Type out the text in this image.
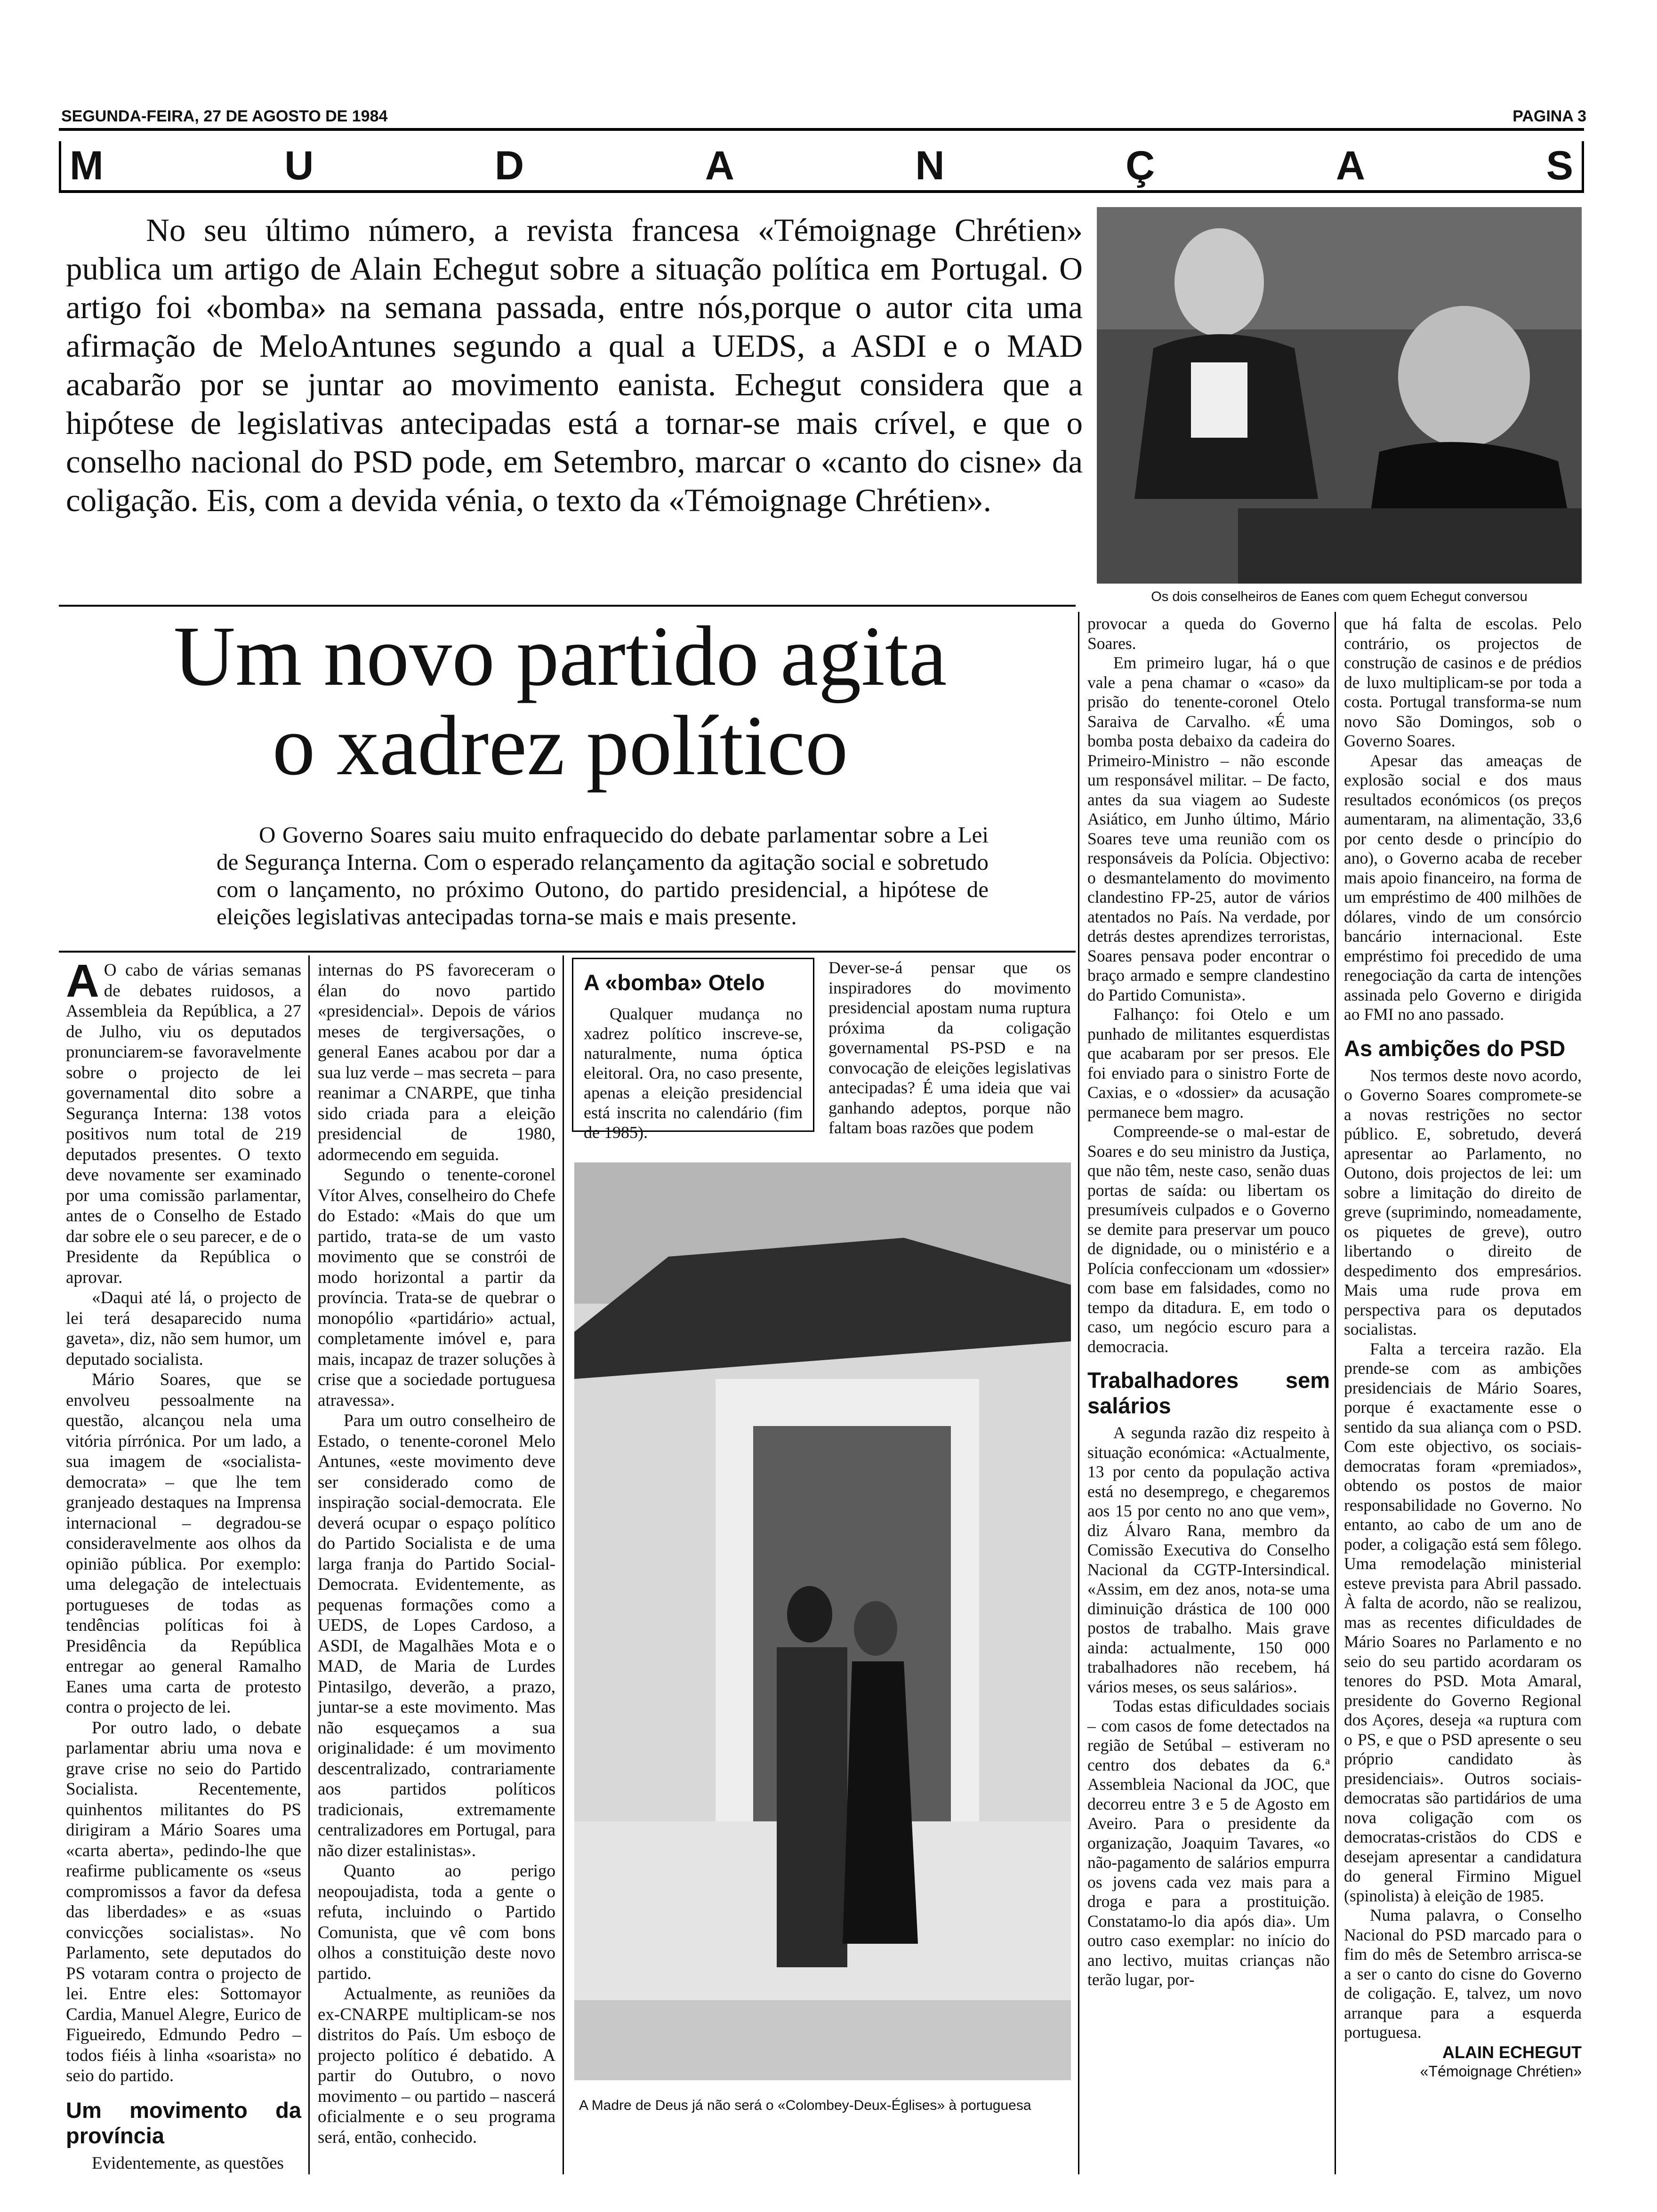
SEGUNDA-FEIRA, 27 DE AGOSTO DE 1984	PAGINA 3
M	U	D	A	N	Ç	A	S
No seu último número, a revista francesa «Témoignage Chrétien» publica um artigo de Alain Echegut sobre a situação política em Portugal. O artigo foi «bomba» na semana passada, entre nós,porque o autor cita uma afirmação de MeloAntunes segundo a qual a UEDS, a ASDI e o MAD acabarão por se juntar ao movimento eanista. Echegut considera que a hipótese de legislativas antecipadas está a tornar-se mais crível, e que o conselho nacional do PSD pode, em Setembro, marcar o «canto do cisne» da coligação. Eis, com a devida vénia, o texto da «Témoignage Chrétien».
Os dois conselheiros de Eanes com quem Echegut conversou
Um novo partido agita
o xadrez político
O Governo Soares saiu muito enfraquecido do debate parlamentar sobre a Lei de Segurança Interna. Com o esperado relançamento da agitação social e sobretudo com o lançamento, no próximo Outono, do partido presidencial, a hipótese de eleições legislativas antecipadas torna-se mais e mais presente.

A O cabo de várias semanas de debates ruidosos, a Assembleia da República, a 27 de Julho, viu os deputados pronunciarem-se favoravelmente sobre o projecto de lei governamental dito sobre a Segurança Interna: 138 votos positivos num total de 219 deputados presentes. O texto deve novamente ser examinado por uma comissão parlamentar, antes de o Conselho de Estado dar sobre ele o seu parecer, e de o Presidente da República o aprovar.

«Daqui até lá, o projecto de lei terá desaparecido numa gaveta», diz, não sem humor, um deputado socialista.

Mário Soares, que se envolveu pessoalmente na questão, alcançou nela uma vitória pírrónica. Por um lado, a sua imagem de «socialista-democrata» – que lhe tem granjeado destaques na Imprensa internacional – degradou-se consideravelmente aos olhos da opinião pública. Por exemplo: uma delegação de intelectuais portugueses de todas as tendências políticas foi à Presidência da República entregar ao general Ramalho Eanes uma carta de protesto contra o projecto de lei.

Por outro lado, o debate parlamentar abriu uma nova e grave crise no seio do Partido Socialista. Recentemente, quinhentos militantes do PS dirigiram a Mário Soares uma «carta aberta», pedindo-lhe que reafirme publicamente os «seus compromissos a favor da defesa das liberdades» e as «suas convicções socialistas». No Parlamento, sete deputados do PS votaram contra o projecto de lei. Entre eles: Sottomayor Cardia, Manuel Alegre, Eurico de Figueiredo, Edmundo Pedro – todos fiéis à linha «soarista» no seio do partido.

Um movimento da província

Evidentemente, as questões

internas do PS favoreceram o élan do novo partido «presidencial». Depois de vários meses de tergiversações, o general Eanes acabou por dar a sua luz verde – mas secreta – para reanimar a CNARPE, que tinha sido criada para a eleição presidencial de 1980, adormecendo em seguida.

Segundo o tenente-coronel Vítor Alves, conselheiro do Chefe do Estado: «Mais do que um partido, trata-se de um vasto movimento que se constrói de modo horizontal a partir da província. Trata-se de quebrar o monopólio «partidário» actual, completamente imóvel e, para mais, incapaz de trazer soluções à crise que a sociedade portuguesa atravessa».

Para um outro conselheiro de Estado, o tenente-coronel Melo Antunes, «este movimento deve ser considerado como de inspiração social-democrata. Ele deverá ocupar o espaço político do Partido Socialista e de uma larga franja do Partido Social-Democrata. Evidentemente, as pequenas formações como a UEDS, de Lopes Cardoso, a ASDI, de Magalhães Mota e o MAD, de Maria de Lurdes Pintasilgo, deverão, a prazo, juntar-se a este movimento. Mas não esqueçamos a sua originalidade: é um movimento descentralizado, contrariamente aos partidos políticos tradicionais, extremamente centralizadores em Portugal, para não dizer estalinistas».

Quanto ao perigo neopoujadista, toda a gente o refuta, incluindo o Partido Comunista, que vê com bons olhos a constituição deste novo partido.

Actualmente, as reuniões da ex-CNARPE multiplicam-se nos distritos do País. Um esboço de projecto político é debatido. A partir do Outubro, o novo movimento – ou partido – nascerá oficialmente e o seu programa será, então, conhecido.

A «bomba» Otelo

Qualquer mudança no xadrez político inscreve-se, naturalmente, numa óptica eleitoral. Ora, no caso presente, apenas a eleição presidencial está inscrita no calendário (fim de 1985).

Dever-se-á pensar que os inspiradores do movimento presidencial apostam numa ruptura próxima da coligação governamental PS-PSD e na convocação de eleições legislativas antecipadas? É uma ideia que vai ganhando adeptos, porque não faltam boas razões que podem

A Madre de Deus já não será o «Colombey-Deux-Églises» à portuguesa

provocar a queda do Governo Soares.

Em primeiro lugar, há o que vale a pena chamar o «caso» da prisão do tenente-coronel Otelo Saraiva de Carvalho. «É uma bomba posta debaixo da cadeira do Primeiro-Ministro – não esconde um responsável militar. – De facto, antes da sua viagem ao Sudeste Asiático, em Junho último, Mário Soares teve uma reunião com os responsáveis da Polícia. Objectivo: o desmantelamento do movimento clandestino FP-25, autor de vários atentados no País. Na verdade, por detrás destes aprendizes terroristas, Soares pensava poder encontrar o braço armado e sempre clandestino do Partido Comunista».

Falhanço: foi Otelo e um punhado de militantes esquerdistas que acabaram por ser presos. Ele foi enviado para o sinistro Forte de Caxias, e o «dossier» da acusação permanece bem magro.

Compreende-se o mal-estar de Soares e do seu ministro da Justiça, que não têm, neste caso, senão duas portas de saída: ou libertam os presumíveis culpados e o Governo se demite para preservar um pouco de dignidade, ou o ministério e a Polícia confeccionam um «dossier» com base em falsidades, como no tempo da ditadura. E, em todo o caso, um negócio escuro para a democracia.

Trabalhadores sem salários

A segunda razão diz respeito à situação económica: «Actualmente, 13 por cento da população activa está no desemprego, e chegaremos aos 15 por cento no ano que vem», diz Álvaro Rana, membro da Comissão Executiva do Conselho Nacional da CGTP-Intersindical. «Assim, em dez anos, nota-se uma diminuição drástica de 100 000 postos de trabalho. Mais grave ainda: actualmente, 150 000 trabalhadores não recebem, há vários meses, os seus salários».

Todas estas dificuldades sociais – com casos de fome detectados na região de Setúbal – estiveram no centro dos debates da 6.ª Assembleia Nacional da JOC, que decorreu entre 3 e 5 de Agosto em Aveiro. Para o presidente da organização, Joaquim Tavares, «o não-pagamento de salários empurra os jovens cada vez mais para a droga e para a prostituição. Constatamo-lo dia após dia». Um outro caso exemplar: no início do ano lectivo, muitas crianças não terão lugar, por-

que há falta de escolas. Pelo contrário, os projectos de construção de casinos e de prédios de luxo multiplicam-se por toda a costa. Portugal transforma-se num novo São Domingos, sob o Governo Soares.

Apesar das ameaças de explosão social e dos maus resultados económicos (os preços aumentaram, na alimentação, 33,6 por cento desde o princípio do ano), o Governo acaba de receber mais apoio financeiro, na forma de um empréstimo de 400 milhões de dólares, vindo de um consórcio bancário internacional. Este empréstimo foi precedido de uma renegociação da carta de intenções assinada pelo Governo e dirigida ao FMI no ano passado.

As ambições do PSD

Nos termos deste novo acordo, o Governo Soares compromete-se a novas restrições no sector público. E, sobretudo, deverá apresentar ao Parlamento, no Outono, dois projectos de lei: um sobre a limitação do direito de greve (suprimindo, nomeadamente, os piquetes de greve), outro libertando o direito de despedimento dos empresários. Mais uma rude prova em perspectiva para os deputados socialistas.

Falta a terceira razão. Ela prende-se com as ambições presidenciais de Mário Soares, porque é exactamente esse o sentido da sua aliança com o PSD. Com este objectivo, os sociais-democratas foram «premiados», obtendo os postos de maior responsabilidade no Governo. No entanto, ao cabo de um ano de poder, a coligação está sem fôlego. Uma remodelação ministerial esteve prevista para Abril passado. À falta de acordo, não se realizou, mas as recentes dificuldades de Mário Soares no Parlamento e no seio do seu partido acordaram os tenores do PSD. Mota Amaral, presidente do Governo Regional dos Açores, deseja «a ruptura com o PS, e que o PSD apresente o seu próprio candidato às presidenciais». Outros sociais-democratas são partidários de uma nova coligação com os democratas-cristãos do CDS e desejam apresentar a candidatura do general Firmino Miguel (spinolista) à eleição de 1985.

Numa palavra, o Conselho Nacional do PSD marcado para o fim do mês de Setembro arrisca-se a ser o canto do cisne do Governo de coligação. E, talvez, um novo arranque para a esquerda portuguesa.

ALAIN ECHEGUT
«Témoignage Chrétien»
